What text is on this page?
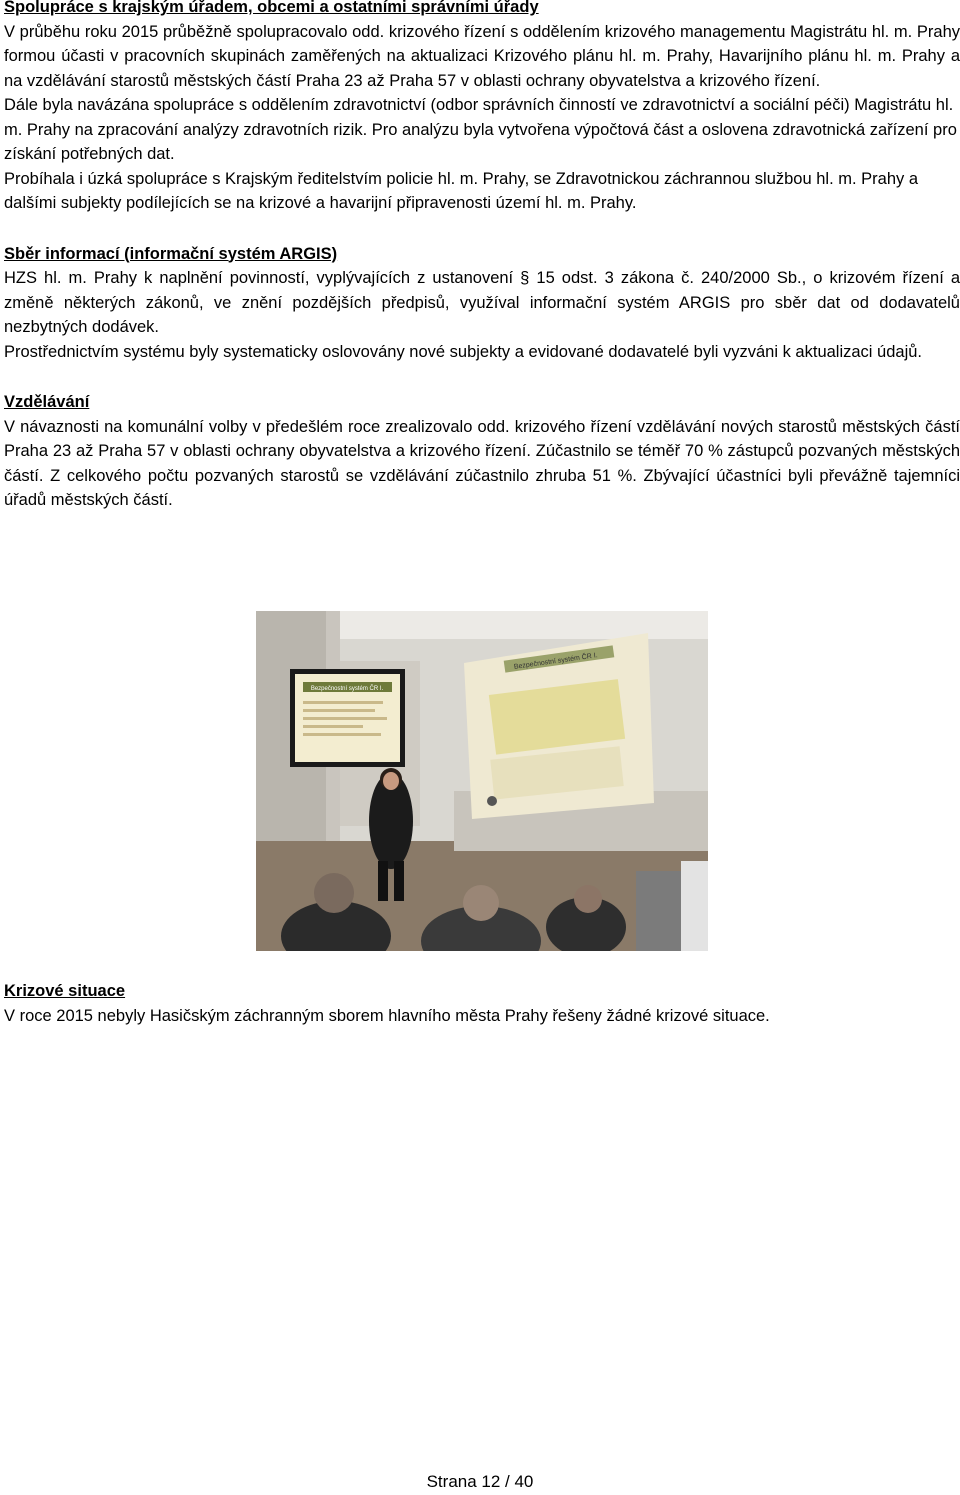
Spolupráce s krajským úřadem, obcemi a ostatními správními úřady

V průběhu roku 2015 průběžně spolupracovalo odd. krizového řízení s oddělením krizového managementu Magistrátu hl. m. Prahy formou účasti v pracovních skupinách zaměřených na aktualizaci Krizového plánu hl. m. Prahy, Havarijního plánu hl. m. Prahy a na vzdělávání starostů městských částí Praha 23 až Praha 57 v oblasti ochrany obyvatelstva a krizového řízení.

Dále byla navázána spolupráce s oddělením zdravotnictví (odbor správních činností ve zdravotnictví a sociální péči) Magistrátu hl. m. Prahy na zpracování analýzy zdravotních rizik. Pro analýzu byla vytvořena výpočtová část a oslovena zdravotnická zařízení pro získání potřebných dat.

Probíhala i úzká spolupráce s Krajským ředitelstvím policie hl. m. Prahy, se Zdravotnickou záchrannou službou hl. m. Prahy a dalšími subjekty podílejících se na krizové a havarijní připravenosti území hl. m. Prahy.

Sběr informací (informační systém ARGIS)

HZS hl. m. Prahy k naplnění povinností, vyplývajících z ustanovení § 15 odst. 3 zákona č. 240/2000 Sb., o krizovém řízení a změně některých zákonů, ve znění pozdějších předpisů, využíval informační systém ARGIS pro sběr dat od dodavatelů nezbytných dodávek.

Prostřednictvím systému byly systematicky oslovovány nové subjekty a evidované dodavatelé byli vyzváni k aktualizaci údajů.

Vzdělávání

V návaznosti na komunální volby v předešlém roce zrealizovalo odd. krizového řízení vzdělávání nových starostů městských částí Praha 23 až Praha 57 v oblasti ochrany obyvatelstva a krizového řízení. Zúčastnilo se téměř 70 % zástupců pozvaných městských částí. Z celkového počtu pozvaných starostů se vzdělávání zúčastnilo zhruba 51 %. Zbývající účastníci byli převážně tajemníci úřadů městských částí.

Bezpečnostní systém ČR I.
Bezpečnostní systém ČR I.

Krizové situace

V roce 2015 nebyly Hasičským záchranným sborem hlavního města Prahy řešeny žádné krizové situace.

Strana 12 / 40
